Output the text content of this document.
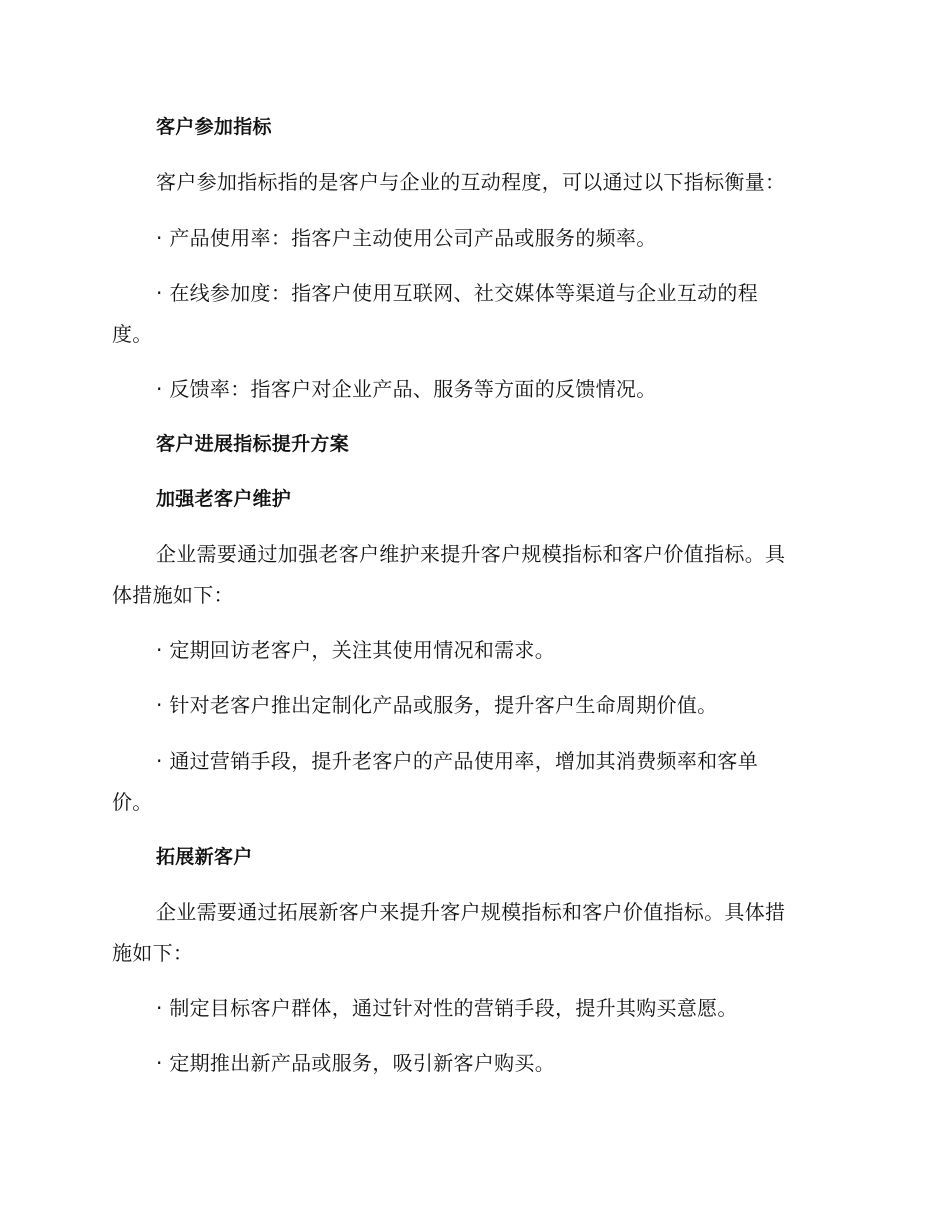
客户参加指标
客户参加指标指的是客户与企业的互动程度，可以通过以下指标衡量：
· 产品使用率：指客户主动使用公司产品或服务的频率。
· 在线参加度：指客户使用互联网、社交媒体等渠道与企业互动的程
度。
· 反馈率：指客户对企业产品、服务等方面的反馈情况。
客户进展指标提升方案
加强老客户维护
企业需要通过加强老客户维护来提升客户规模指标和客户价值指标。具
体措施如下：
· 定期回访老客户，关注其使用情况和需求。
· 针对老客户推出定制化产品或服务，提升客户生命周期价值。
· 通过营销手段，提升老客户的产品使用率，增加其消费频率和客单
价。
拓展新客户
企业需要通过拓展新客户来提升客户规模指标和客户价值指标。具体措
施如下：
· 制定目标客户群体，通过针对性的营销手段，提升其购买意愿。
· 定期推出新产品或服务，吸引新客户购买。
